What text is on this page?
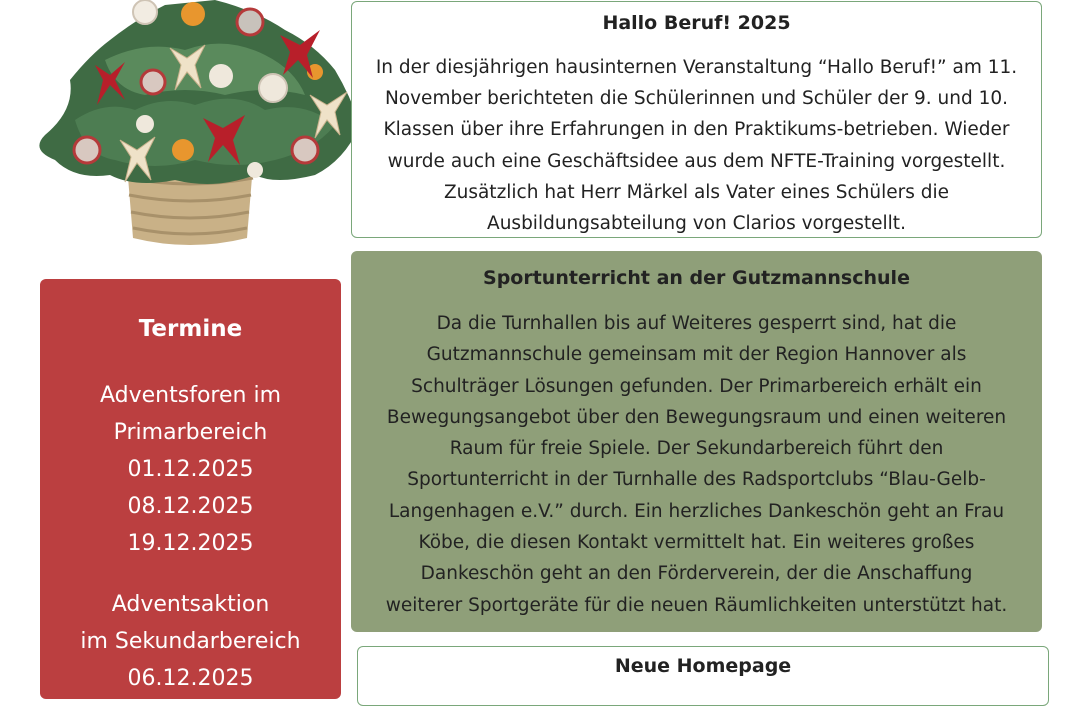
Termine
Adventsforen im
Primarbereich
01.12.2025
08.12.2025
19.12.2025
Adventsaktion
im Sekundarbereich
06.12.2025
Hallo Beruf! 2025

In der diesjährigen hausinternen Veranstaltung “Hallo Beruf!” am 11.
November berichteten die Schülerinnen und Schüler der 9. und 10.
Klassen über ihre Erfahrungen in den Praktikums-betrieben. Wieder
wurde auch eine Geschäftsidee aus dem NFTE-Training vorgestellt.
Zusätzlich hat Herr Märkel als Vater eines Schülers die
Ausbildungsabteilung von Clarios vorgestellt.

Sportunterricht an der Gutzmannschule

Da die Turnhallen bis auf Weiteres gesperrt sind, hat die
Gutzmannschule gemeinsam mit der Region Hannover als
Schulträger Lösungen gefunden. Der Primarbereich erhält ein
Bewegungsangebot über den Bewegungsraum und einen weiteren
Raum für freie Spiele. Der Sekundarbereich führt den
Sportunterricht in der Turnhalle des Radsportclubs “Blau-Gelb-
Langenhagen e.V.” durch. Ein herzliches Dankeschön geht an Frau
Köbe, die diesen Kontakt vermittelt hat. Ein weiteres großes
Dankeschön geht an den Förderverein, der die Anschaffung
weiterer Sportgeräte für die neuen Räumlichkeiten unterstützt hat.

Neue Homepage
